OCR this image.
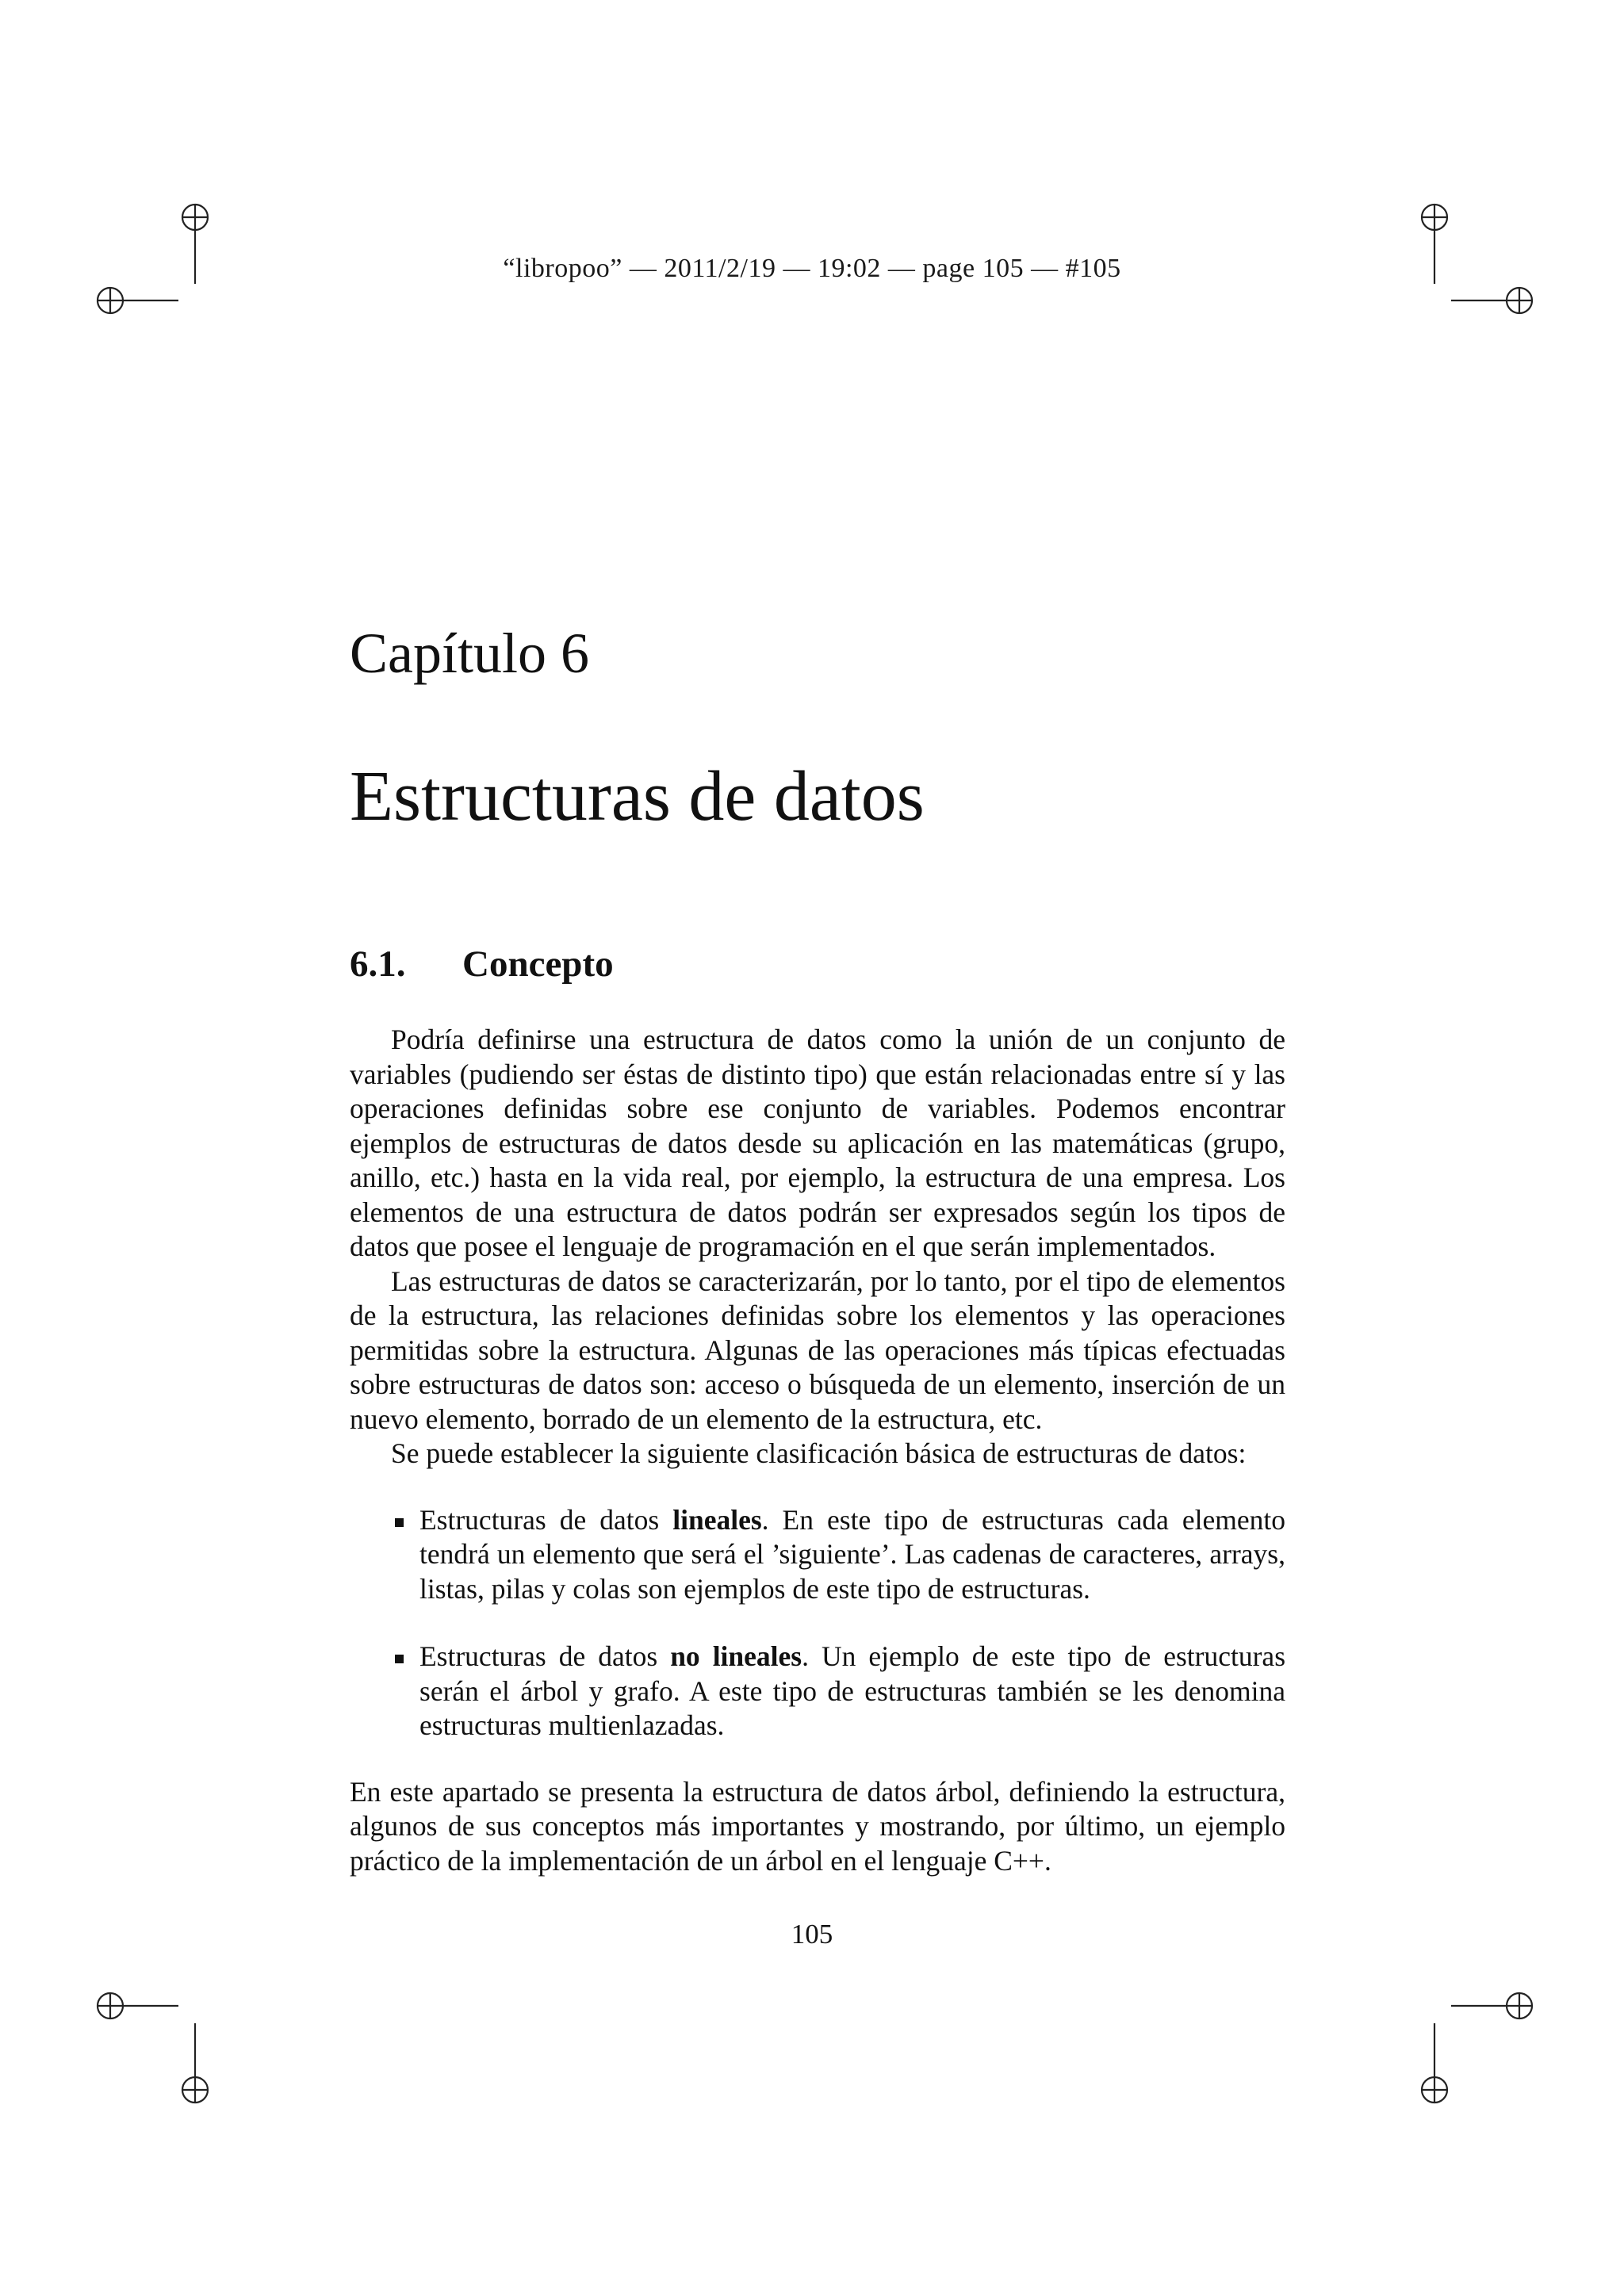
“libropoo” — 2011/2/19 — 19:02 — page 105 — #105
Capítulo 6
Estructuras de datos
6.1. Concepto

Podría definirse una estructura de datos como la unión de un conjunto de variables (pudiendo ser éstas de distinto tipo) que están relacionadas entre sí y las operaciones definidas sobre ese conjunto de variables. Podemos encontrar ejemplos de estructuras de datos desde su aplicación en las matemáticas (grupo, anillo, etc.) hasta en la vida real, por ejemplo, la estructura de una empresa. Los elementos de una estructura de datos podrán ser expresados según los tipos de datos que posee el lenguaje de programación en el que serán implementados.

Las estructuras de datos se caracterizarán, por lo tanto, por el tipo de elementos de la estructura, las relaciones definidas sobre los elementos y las operaciones permitidas sobre la estructura. Algunas de las operaciones más típicas efectuadas sobre estructuras de datos son: acceso o búsqueda de un elemento, inserción de un nuevo elemento, borrado de un elemento de la estructura, etc.

Se puede establecer la siguiente clasificación básica de estructuras de datos:

Estructuras de datos lineales. En este tipo de estructuras cada elemento tendrá un elemento que será el ’siguiente’. Las cadenas de caracteres, arrays, listas, pilas y colas son ejemplos de este tipo de estructuras.
Estructuras de datos no lineales. Un ejemplo de este tipo de estructuras serán el árbol y grafo. A este tipo de estructuras también se les denomina estructuras multienlazadas.

En este apartado se presenta la estructura de datos árbol, definiendo la estructura, algunos de sus conceptos más importantes y mostrando, por último, un ejemplo práctico de la implementación de un árbol en el lenguaje C++.

105
